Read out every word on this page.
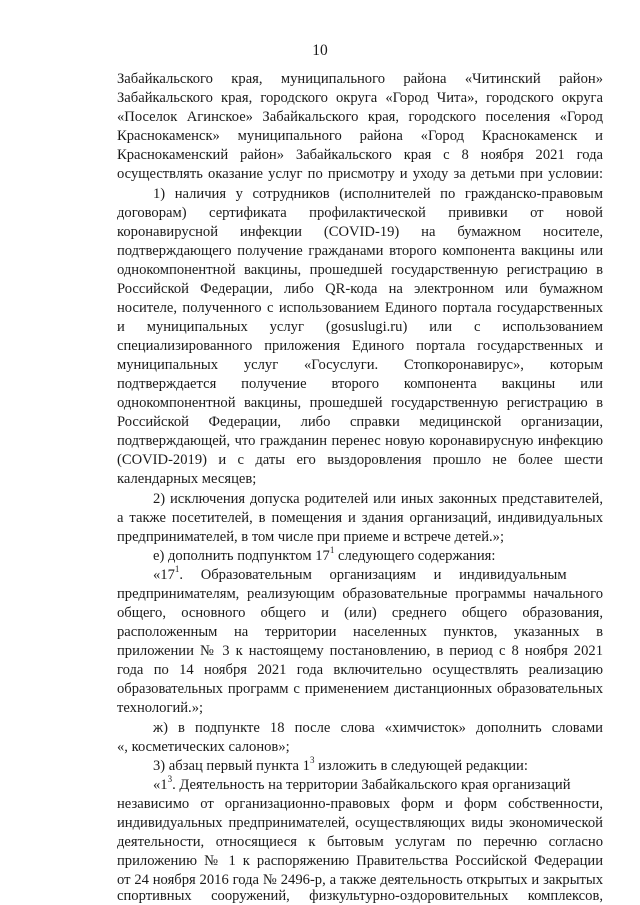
10
Забайкальского края, муниципального района «Читинский район»
Забайкальского края, городского округа «Город Чита», городского округа
«Поселок Агинское» Забайкальского края, городского поселения «Город
Краснокаменск» муниципального района «Город Краснокаменск и
Краснокаменский район» Забайкальского края с 8 ноября 2021 года
осуществлять оказание услуг по присмотру и уходу за детьми при условии:
1) наличия у сотрудников (исполнителей по гражданско-правовым
договорам) сертификата профилактической прививки от новой
коронавирусной инфекции (COVID-19) на бумажном носителе,
подтверждающего получение гражданами второго компонента вакцины или
однокомпонентной вакцины, прошедшей государственную регистрацию в
Российской Федерации, либо QR-кода на электронном или бумажном
носителе, полученного с использованием Единого портала государственных
и муниципальных услуг (gosuslugi.ru) или с использованием
специализированного приложения Единого портала государственных и
муниципальных услуг «Госуслуги. Стопкоронавирус», которым
подтверждается получение второго компонента вакцины или
однокомпонентной вакцины, прошедшей государственную регистрацию в
Российской Федерации, либо справки медицинской организации,
подтверждающей, что гражданин перенес новую коронавирусную инфекцию
(COVID-2019) и с даты его выздоровления прошло не более шести
календарных месяцев;
2) исключения допуска родителей или иных законных представителей,
а также посетителей, в помещения и здания организаций, индивидуальных
предпринимателей, в том числе при приеме и встрече детей.»;
е) дополнить подпунктом $17^1$ следующего содержания:
«$17^1$. Образовательным организациям и индивидуальным
предпринимателям, реализующим образовательные программы начального
общего, основного общего и (или) среднего общего образования,
расположенным на территории населенных пунктов, указанных в
приложении № 3 к настоящему постановлению, в период с 8 ноября 2021
года по 14 ноября 2021 года включительно осуществлять реализацию
образовательных программ с применением дистанционных образовательных
технологий.»;
ж) в подпункте 18 после слова «химчисток» дополнить словами
«, косметических салонов»;
3) абзац первый пункта $1^3$ изложить в следующей редакции:
«$1^3$. Деятельность на территории Забайкальского края организаций
независимо от организационно-правовых форм и форм собственности,
индивидуальных предпринимателей, осуществляющих виды экономической
деятельности, относящиеся к бытовым услугам по перечню согласно
приложению № 1 к распоряжению Правительства Российской Федерации
от 24 ноября 2016 года № 2496-р, а также деятельность открытых и закрытых
спортивных сооружений, физкультурно-оздоровительных комплексов,
